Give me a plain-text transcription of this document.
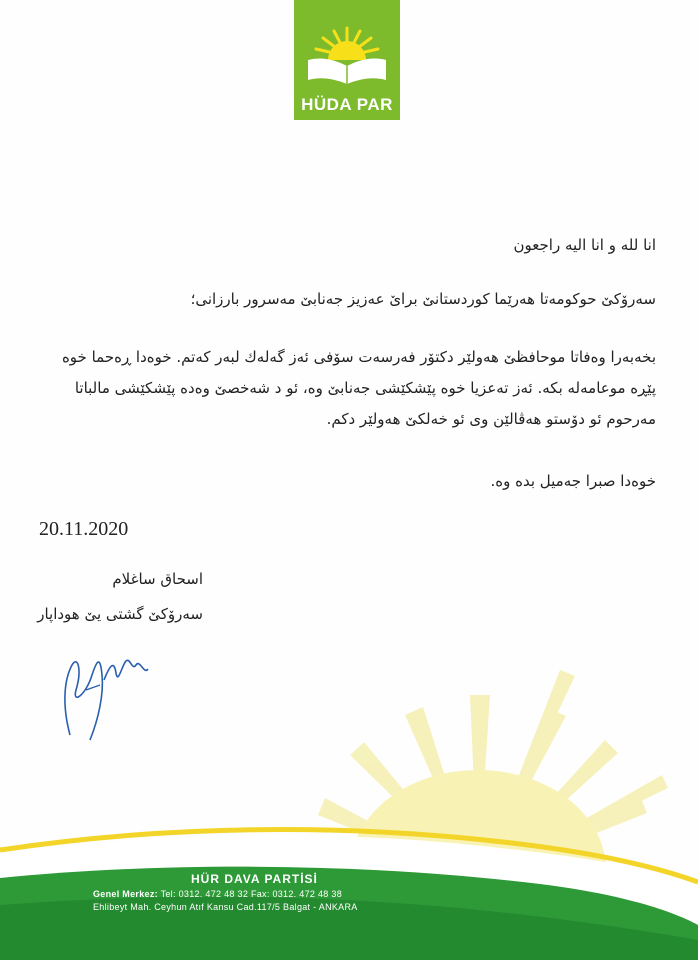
HÜDA PAR
انا لله و انا اليه راجعون
سەرۆكێ حوكومەتا هەرێما كوردستانێ براێ عەزیز جەنابێ مەسرور بارزانی؛
بخەبەرا وەفاتا موحافظێ هەولێر دكتۆر فەرسەت سۆفی ئەز گەلەك لبەر كەتم. خوەدا ڕەحما خوە پێڕە موعامەلە بكە. ئەز تەعزیا خوە پێشكێشی جەنابێ وە، ئو د شەخصێ وەدە پێشكێشی مالباتا مەرحوم ئو دۆستو هەڤالێن وی ئو خەلكێ هەولێر دكم.
خوەدا صبرا جەمیل بدە وە.
20.11.2020
اسحاق ساغلام
سەرۆكێ گشتی یێ هوداپار
HÜR DAVA PARTİSİ
Genel Merkez: Tel: 0312. 472 48 32 Fax: 0312. 472 48 38
Ehlibeyt Mah. Ceyhun Atıf Kansu Cad.117/5 Balgat - ANKARA
